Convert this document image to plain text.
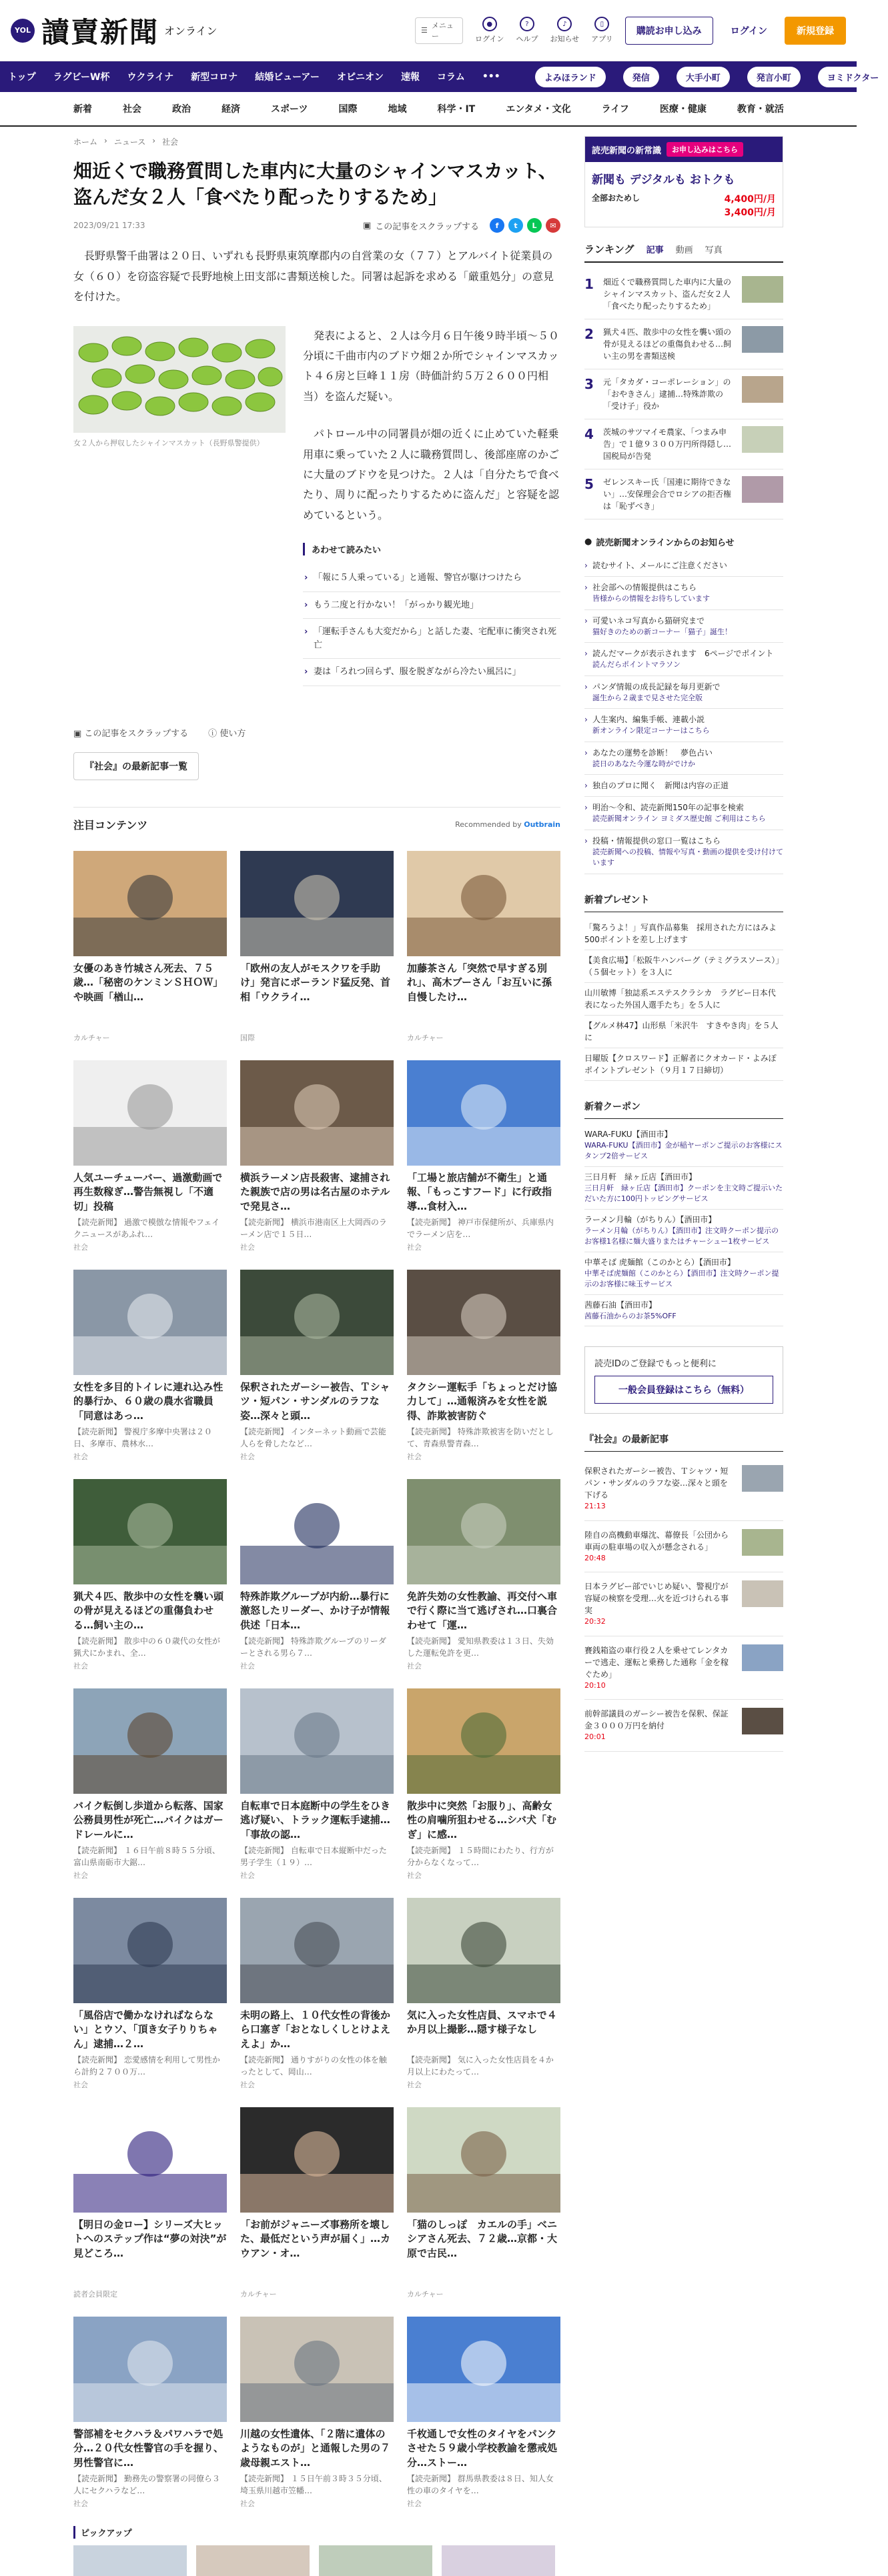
YOL 讀賣新聞 オンライン	☰
メニュー
●
ログイン
?
ヘルプ
♪
お知らせ
▯
アプリ
購読お申し込み	ログイン	新規登録
トップ ラグビーW杯 ウクライナ 新型コロナ 結婚ビューアー オピニオン 速報 コラム •••	よみほランド	発信	大手小町	発言小町	ヨミドクター
新着	社会	政治	経済	スポーツ	国際	地域	科学・IT	エンタメ・文化	ライフ	医療・健康	教育・就活
ホーム › ニュース › 社会
畑近くで職務質問した車内に大量のシャインマスカット、盗んだ女２人「食べたり配ったりするため」
2023/09/21 17:33	▣ この記事をスクラップする	f	t	L	✉

長野県警千曲署は２０日、いずれも長野県東筑摩郡内の自営業の女（７７）とアルバイト従業員の女（６０）を窃盗容疑で長野地検上田支部に書類送検した。同署は起訴を求める「厳重処分」の意見を付けた。

女２人から押収したシャインマスカット（長野県警提供）

発表によると、２人は今月６日午後９時半頃〜５０分頃に千曲市内のブドウ畑２か所でシャインマスカット４６房と巨峰１１房（時価計約５万２６００円相当）を盗んだ疑い。

パトロール中の同署員が畑の近くに止めていた軽乗用車に乗っていた２人に職務質問し、後部座席のかごに大量のブドウを見つけた。２人は「自分たちで食べたり、周りに配ったりするために盗んだ」と容疑を認めているという。

あわせて読みたい
› 「報に５人乗っている」と通報、警官が駆けつけたら
› もう二度と行かない！「がっかり観光地」
› 「運転手さんも大変だから」と話した妻、宅配車に衝突され死亡
› 妻は「ろれつ回らず、服を脱ぎながら冷たい風呂に」
▣ この記事をスクラップする ⓘ 使い方
『社会』の最新記事一覧
注目コンテンツ	Recommended by Outbrain
女優のあき竹城さん死去、７５歳…「秘密のケンミンＳＨＯＷ」や映画「楢山…
カルチャー
「欧州の友人がモスクワを手助け」発言にポーランド猛反発、首相「ウクライ…
国際
加藤茶さん「突然で早すぎる別れ」、高木ブーさん「お互いに孫自慢したけ…
カルチャー
人気ユーチューバー、過激動画で再生数稼ぎ…警告無視し「不適切」投稿
【読売新聞】 過激で模倣な情報やフェイクニュースがあふれ…
社会
横浜ラーメン店長殺害、逮捕された親族で店の男は名古屋のホテルで発見さ…
【読売新聞】 横浜市港南区上大岡西のラーメン店で１５日…
社会
「工場と旅店舗が不衛生」と通報、「もっこすフード」に行政指導…食材入…
【読売新聞】 神戸市保健所が、兵庫県内でラーメン店を…
社会
女性を多目的トイレに連れ込み性的暴行か、６０歳の農水省職員「同意はあっ…
【読売新聞】 警視庁多摩中央署は２０日、多摩市、農林水…
社会
保釈されたガーシー被告、Ｔシャツ・短パン・サンダルのラフな姿…深々と頭…
【読売新聞】 インターネット動画で芸能人らを脅したなど…
社会
タクシー運転手「ちょっとだけ協力して」…通報済みを女性を説得、詐欺被害防ぐ
【読売新聞】 特殊詐欺被害を防いだとして、青森県警青森…
社会
猟犬４匹、散歩中の女性を襲い頭の骨が見えるほどの重傷負わせる…飼い主の…
【読売新聞】 散歩中の６０歳代の女性が猟犬にかまれ、全…
社会
特殊詐欺グループが内紛…暴行に激怒したリーダー、かけ子が情報供述「日本…
【読売新聞】 特殊詐欺グループのリーダーとされる男ら７…
社会
免許失効の女性教諭、再交付へ車で行く際に当て逃げされ…口裏合わせて「運…
【読売新聞】 愛知県教委は１３日、失効した運転免許を更…
社会
バイク転倒し歩道から転落、国家公務員男性が死亡…バイクはガードレールに…
【読売新聞】 １６日午前８時５５分頃、富山県南砺市大鋸…
社会
自転車で日本庭断中の学生をひき逃げ疑い、トラック運転手逮捕…「事故の認…
【読売新聞】 自転車で日本縦断中だった男子学生（１９）…
社会
散歩中に突然「お服り」、高齢女性の肩噛所狙わせる…シバ犬「むぎ」に感…
【読売新聞】 １５時間にわたり、行方が分からなくなって…
社会
「風俗店で働かなければならない」とウソ、「頂き女子りりちゃん」逮捕…２…
【読売新聞】 恋愛感情を利用して男性から計約２７００万…
社会
未明の路上、１０代女性の背後から口塞ぎ「おとなしくしとけよええよ」か…
【読売新聞】 通りすがりの女性の体を触ったとして、岡山…
社会
気に入った女性店員、スマホで４か月以上撮影…隠す様子なし
【読売新聞】 気に入った女性店員を４か月以上にわたって…
社会
【明日の金ロー】シリーズ大ヒットへのステップ作は“夢の対決”が見どころ…
読者会員限定
「お前がジャニーズ事務所を壊した、最低だという声が届く」…カウアン・オ…
カルチャー
「猫のしっぽ　カエルの手」ベニシアさん死去、７２歳…京都・大原で古民…
カルチャー
警部補をセクハラ＆パワハラで処分…２０代女性警官の手を握り、男性警官に…
【読売新聞】 勤務先の警察署の同僚ら３人にセクハラなど…
社会
川越の女性遺体、「２階に遺体のようなものが」と通報した男の７歳母親エスト…
【読売新聞】 １５日午前３時３５分頃、埼玉県川越市笠幡…
社会
千枚通しで女性のタイヤをパンクさせた５９歳小学校教諭を懲戒処分…ストー…
【読売新聞】 群馬県教委は８日、知人女性の車のタイヤを…
社会
ピックアップ
読売新聞の新常識	お申し込みはこちら
新聞も デジタルも おトクも
全部おためし	4,400円/月
3,400円/月
ランキング 記事 動画 写真
1	畑近くで職務質問した車内に大量のシャインマスカット、盗んだ女２人「食べたり配ったりするため」
2	猟犬４匹、散歩中の女性を襲い頭の骨が見えるほどの重傷負わせる…飼い主の男を書類送検
3	元「タカダ・コーポレーション」の「おやきさん」逮捕…特殊詐欺の「受け子」役か
4	茨城のサツマイモ農家、「つまみ申告」で１億９３００万円所得隠し…国税局が告発
5	ゼレンスキー氏「国連に期待できない」…安保理会合でロシアの拒否権は「恥ずべき」
● 読売新聞オンラインからのお知らせ
› 読むサイト、メールにご注意ください
› 社会部への情報提供はこちら
皆様からの情報をお待ちしています
› 可愛いネコ写真から猫研究まで
猫好きのための新コーナー「猫子」誕生！
› 読んだマークが表示されます　6ページでポイント
読んだらポイントマラソン
› パンダ情報の成長記録を毎月更新で
誕生から２歳まで見させた完全版
› 人生案内、編集手帳、連載小説
新オンライン限定コーナーはこちら
› あなたの運勢を診断！　夢色占い
読日のあなた今運な時がでけか
› 独自のプロに聞く　新聞は内容の正道
› 明治〜令和、読売新聞150年の記事を検索
読売新聞オンライン ヨミダス歴史館 ご利用はこちら
› 投稿・情報提供の窓口一覧はこちら
読売新聞への投稿、情報や写真・動画の提供を受け付けています
新着プレゼント
「驚ろうよ！」写真作品募集　採用された方にはみよ500ポイントを差し上げます
【美食広場】「松阪牛ハンバーグ（テミグラスソース）」（５個セット）を３人に
山川敏博「独誌系エステスクラシカ　ラグビー日本代表になった外国人選手たち」を５人に
【グルメ林47】山形県「米沢牛　すきやき肉」を５人に
日曜版【クロスワード】正解者にクオカード・よみぽポイントプレゼント（９月１７日締切）
新着クーポン
WARA-FUKU【酒田市】
WARA-FUKU【酒田市】金が稲ヤーポンご提示のお客様にスタンプ2倍サービス
三日月軒　緑ヶ丘店【酒田市】
三日月軒　緑ヶ丘店【酒田市】クーポンを主文時ご提示いただいた方に100円トッピングサービス
ラーメン月輪（がちりん）【酒田市】
ラーメン月輪（がちりん）【酒田市】注文時クーポン提示のお客様1名様に麺大盛りまたはチャーシュー1枚サービス
中華そば 虎麺館（このかとら）【酒田市】
中華そば虎麺館（このかとら）【酒田市】注文時クーポン提示のお客様に味玉サービス
茜藤石油【酒田市】
茜藤石油からのお茶5%OFF
読売IDのご登録でもっと便利に
一般会員登録はこちら（無料）
『社会』の最新記事
保釈されたガーシー被告、Ｔシャツ・短パン・サンダルのラフな姿…深々と頭を下げる
21:13
陸自の高機動車爆沈、幕僚長「公団から車両の駐車場の収入が懸念される」
20:48
日本ラグビー部でいじめ疑い、警視庁が容疑の検察を受理…火を近づけられる事実
20:32
賽銭箱盗の車行役２人を乗せてレンタカーで逃走、運転と乗務した通称「金を稼ぐため」
20:10
前幹部議員のガーシー被告を保釈、保証金３０００万円を納付
20:01
